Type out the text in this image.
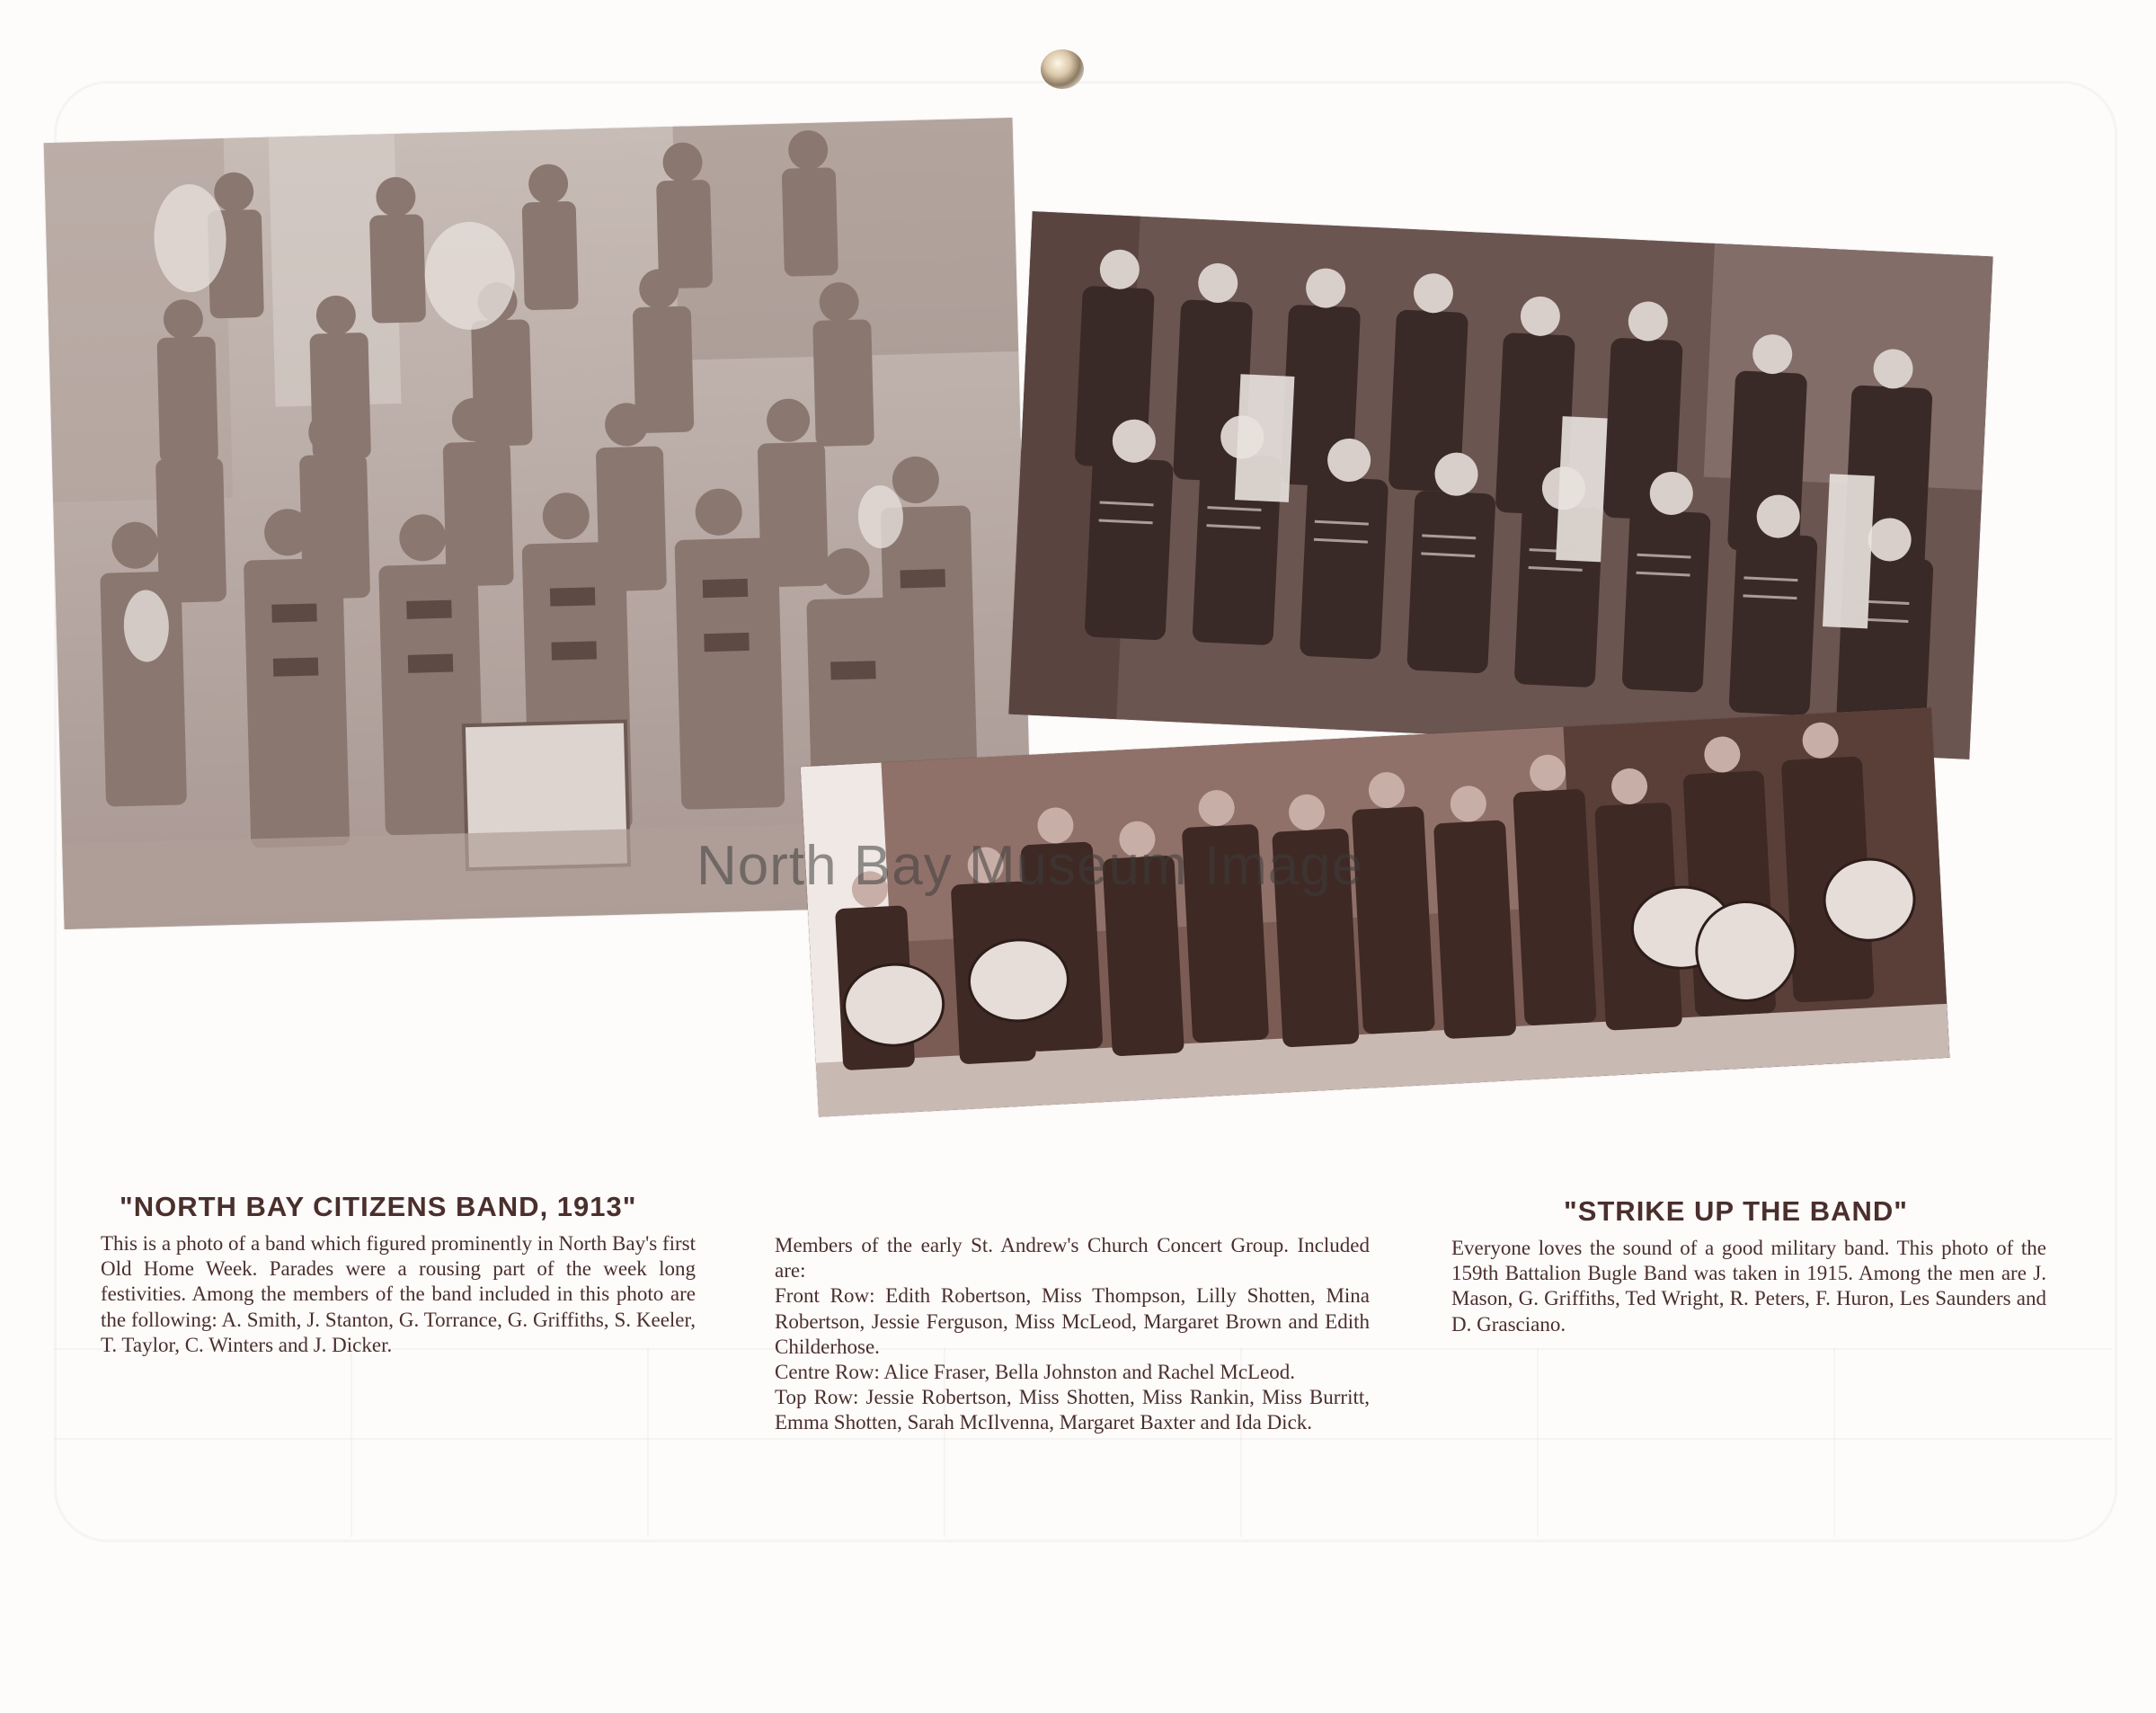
North Bay Museum Image
"NORTH BAY CITIZENS BAND, 1913"

This is a photo of a band which figured prominently in North Bay's first Old Home Week. Parades were a rousing part of the week long festivities. Among the members of the band included in this photo are the following: A. Smith, J. Stanton, G. Torrance, G. Griffiths, S. Keeler, T. Taylor, C. Winters and J. Dicker.

Members of the early St. Andrew's Church Concert Group. Included are:

Front Row: Edith Robertson, Miss Thompson, Lilly Shotten, Mina Robertson, Jessie Ferguson, Miss McLeod, Margaret Brown and Edith Childerhose.

Centre Row: Alice Fraser, Bella Johnston and Rachel McLeod.

Top Row: Jessie Robertson, Miss Shotten, Miss Rankin, Miss Burritt, Emma Shotten, Sarah McIlvenna, Margaret Baxter and Ida Dick.

"STRIKE UP THE BAND"

Everyone loves the sound of a good military band. This photo of the 159th Battalion Bugle Band was taken in 1915. Among the men are J. Mason, G. Griffiths, Ted Wright, R. Peters, F. Huron, Les Saunders and D. Grasciano.
